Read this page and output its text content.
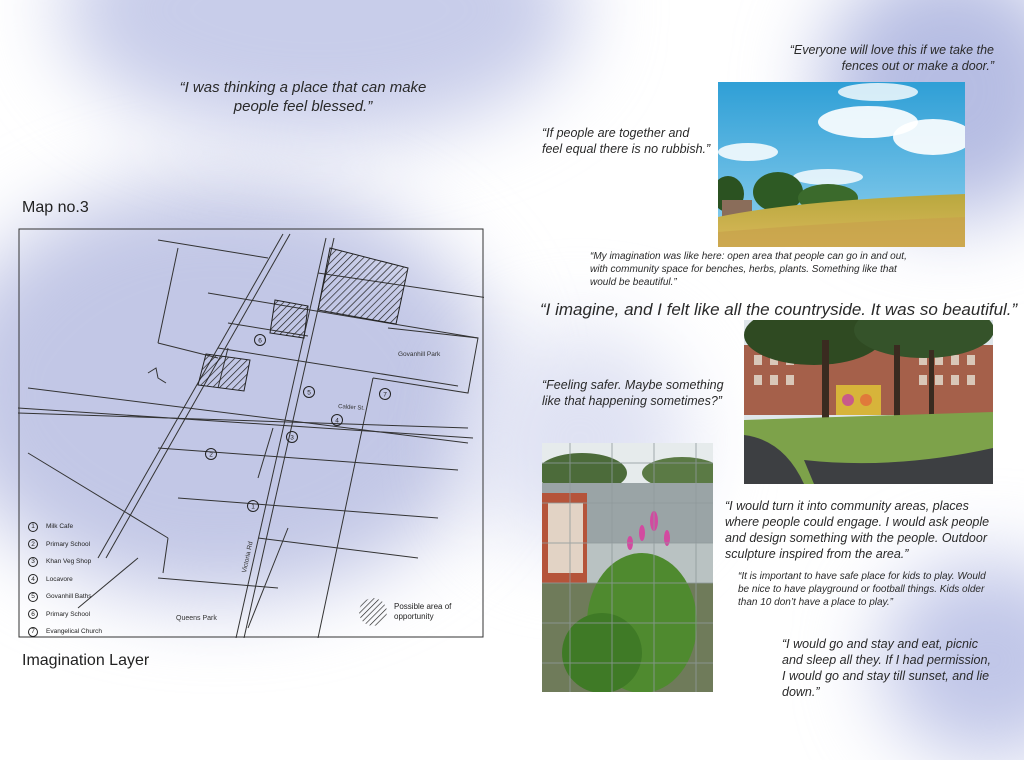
“I was thinking a place that can make people feel blessed.”
“Everyone will love this if we take the fences out or make a door.”
“If people are together and feel equal there is no rubbish.”
“My imagination was like here: open area that people can go in and out, with community space for benches, herbs, plants. Something like that would be beautiful.”
“I imagine, and I felt like all the countryside. It was so beautiful.”
“Feeling safer. Maybe something like that happening sometimes?”
“I would turn it into community areas, places where people could engage. I would ask people and design something with the people. Outdoor sculpture inspired from the area.”
“It is important to have safe place for kids to play. Would be nice to have playground or football things. Kids older than 10 don’t have a place to play.”
“I would go and stay and eat, picnic and sleep all they. If I had permission, I would go and stay till sunset, and lie down.”
Map no.3
Imagination Layer
Govanhill Park
Calder St.
Victoria Rd
Queens Park
1
2
3
4
5
6
7
1	Milk Cafe
2	Primary School
3	Khan Veg Shop
4	Locavore
5	Govanhill Baths
6	Primary School
7	Evangelical Church
Possible area of opportunity
